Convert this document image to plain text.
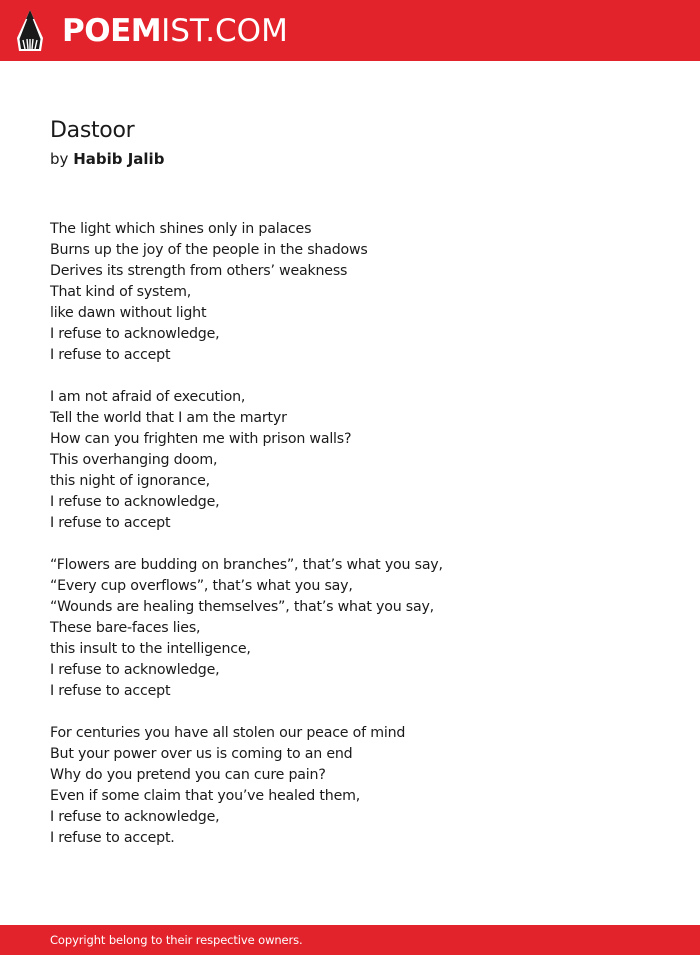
POEMIST.COM
Dastoor
by Habib Jalib
The light which shines only in palaces
Burns up the joy of the people in the shadows
Derives its strength from others’ weakness
That kind of system,
like dawn without light
I refuse to acknowledge,
I refuse to accept
I am not afraid of execution,
Tell the world that I am the martyr
How can you frighten me with prison walls?
This overhanging doom,
this night of ignorance,
I refuse to acknowledge,
I refuse to accept
“Flowers are budding on branches”, that’s what you say,
“Every cup overflows”, that’s what you say,
“Wounds are healing themselves”, that’s what you say,
These bare-faces lies,
this insult to the intelligence,
I refuse to acknowledge,
I refuse to accept
For centuries you have all stolen our peace of mind
But your power over us is coming to an end
Why do you pretend you can cure pain?
Even if some claim that you’ve healed them,
I refuse to acknowledge,
I refuse to accept.
Copyright belong to their respective owners.
